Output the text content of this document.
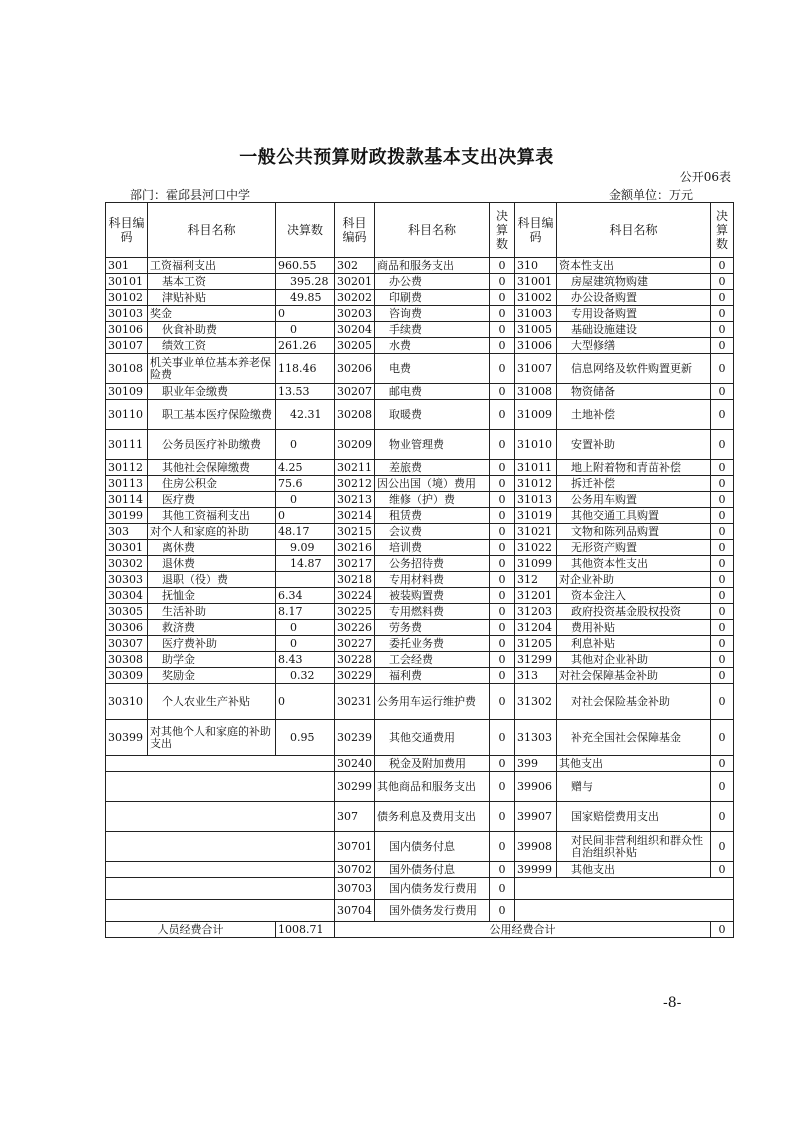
一般公共预算财政拨款基本支出决算表
公开06表
部门：霍邱县河口中学	金额单位：万元
科目编码	科目名称	决算数	科目编码	科目名称	决算数	科目编码	科目名称	决算数
301	工资福利支出	960.55	302	商品和服务支出	0	310	资本性支出	0
30101	基本工资	395.28	30201	办公费	0	31001	房屋建筑物购建	0
30102	津贴补贴	49.85	30202	印刷费	0	31002	办公设备购置	0
30103	奖金	0	30203	咨询费	0	31003	专用设备购置	0
30106	伙食补助费	0	30204	手续费	0	31005	基础设施建设	0
30107	绩效工资	261.26	30205	水费	0	31006	大型修缮	0
30108	机关事业单位基本养老保险费	118.46	30206	电费	0	31007	信息网络及软件购置更新	0
30109	职业年金缴费	13.53	30207	邮电费	0	31008	物资储备	0
30110	职工基本医疗保险缴费	42.31	30208	取暖费	0	31009	土地补偿	0
30111	公务员医疗补助缴费	0	30209	物业管理费	0	31010	安置补助	0
30112	其他社会保障缴费	4.25	30211	差旅费	0	31011	地上附着物和青苗补偿	0
30113	住房公积金	75.6	30212	因公出国（境）费用	0	31012	拆迁补偿	0
30114	医疗费	0	30213	维修（护）费	0	31013	公务用车购置	0
30199	其他工资福利支出	0	30214	租赁费	0	31019	其他交通工具购置	0
303	对个人和家庭的补助	48.17	30215	会议费	0	31021	文物和陈列品购置	0
30301	离休费	9.09	30216	培训费	0	31022	无形资产购置	0
30302	退休费	14.87	30217	公务招待费	0	31099	其他资本性支出	0
30303	退职（役）费		30218	专用材料费	0	312	对企业补助	0
30304	抚恤金	6.34	30224	被装购置费	0	31201	资本金注入	0
30305	生活补助	8.17	30225	专用燃料费	0	31203	政府投资基金股权投资	0
30306	救济费	0	30226	劳务费	0	31204	费用补贴	0
30307	医疗费补助	0	30227	委托业务费	0	31205	利息补贴	0
30308	助学金	8.43	30228	工会经费	0	31299	其他对企业补助	0
30309	奖励金	0.32	30229	福利费	0	313	对社会保障基金补助	0
30310	个人农业生产补贴	0	30231	公务用车运行维护费	0	31302	对社会保险基金补助	0
30399	对其他个人和家庭的补助支出	0.95	30239	其他交通费用	0	31303	补充全国社会保障基金	0
			30240	税金及附加费用	0	399	其他支出	0
			30299	其他商品和服务支出	0	39906	赠与	0
			307	债务利息及费用支出	0	39907	国家赔偿费用支出	0
			30701	国内债务付息	0	39908	对民间非营利组织和群众性自治组织补贴	0
			30702	国外债务付息	0	39999	其他支出	0
			30703	国内债务发行费用	0			
			30704	国外债务发行费用	0			
人员经费合计		1008.71	公用经费合计					0
-8-
